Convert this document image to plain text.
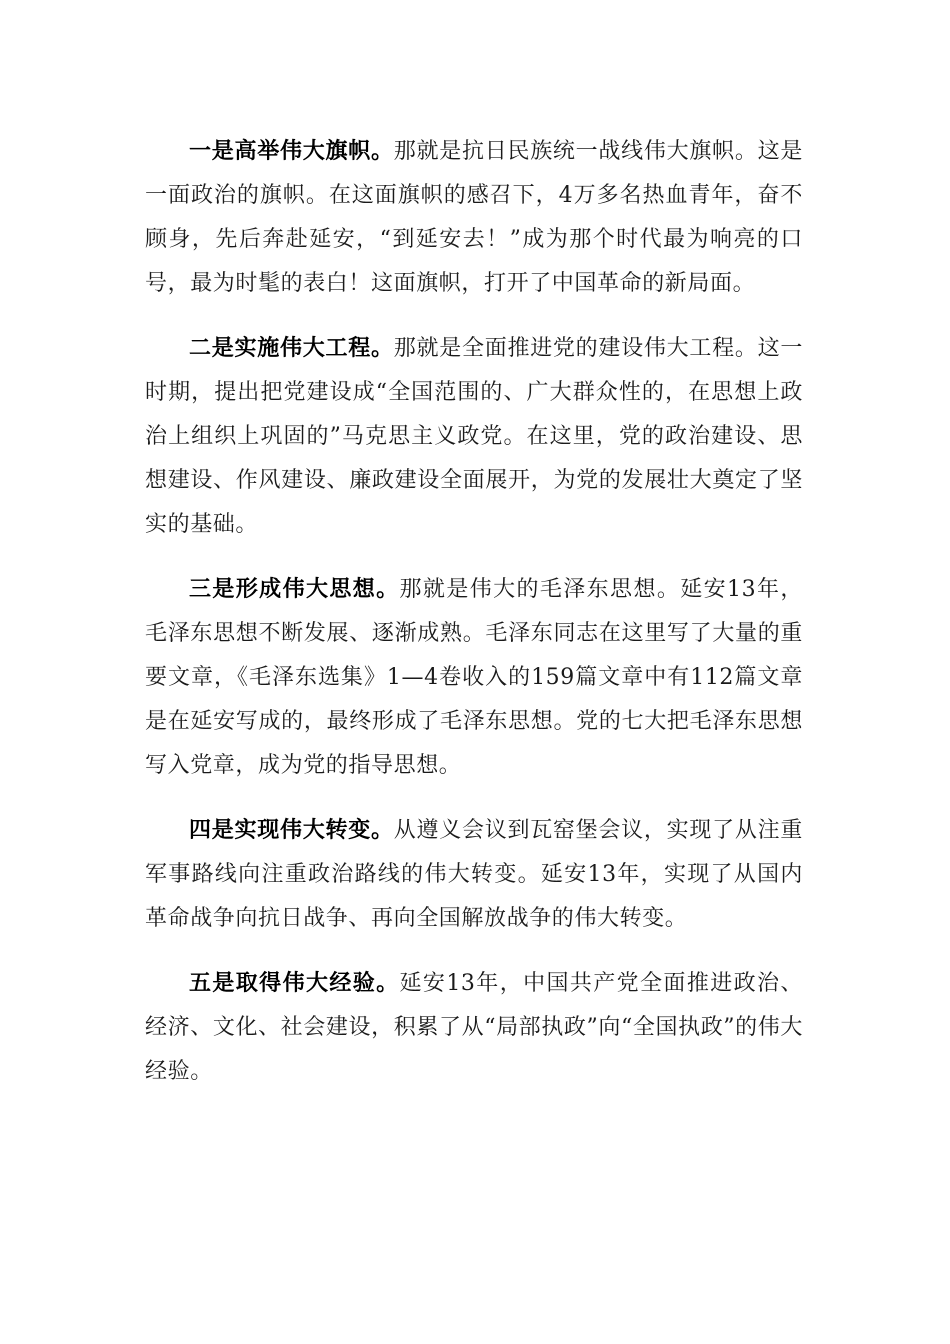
一是高举伟大旗帜。那就是抗日民族统一战线伟大旗帜。这是一面政治的旗帜。在这面旗帜的感召下，4万多名热血青年，奋不顾身，先后奔赴延安，“到延安去！”成为那个时代最为响亮的口号，最为时髦的表白！这面旗帜，打开了中国革命的新局面。

二是实施伟大工程。那就是全面推进党的建设伟大工程。这一时期，提出把党建设成“全国范围的、广大群众性的，在思想上政治上组织上巩固的”马克思主义政党。在这里，党的政治建设、思想建设、作风建设、廉政建设全面展开，为党的发展壮大奠定了坚实的基础。

三是形成伟大思想。那就是伟大的毛泽东思想。延安13年，毛泽东思想不断发展、逐渐成熟。毛泽东同志在这里写了大量的重要文章，《毛泽东选集》1—4卷收入的159篇文章中有112篇文章是在延安写成的，最终形成了毛泽东思想。党的七大把毛泽东思想写入党章，成为党的指导思想。

四是实现伟大转变。从遵义会议到瓦窑堡会议，实现了从注重军事路线向注重政治路线的伟大转变。延安13年，实现了从国内革命战争向抗日战争、再向全国解放战争的伟大转变。

五是取得伟大经验。延安13年，中国共产党全面推进政治、经济、文化、社会建设，积累了从“局部执政”向“全国执政”的伟大经验。
